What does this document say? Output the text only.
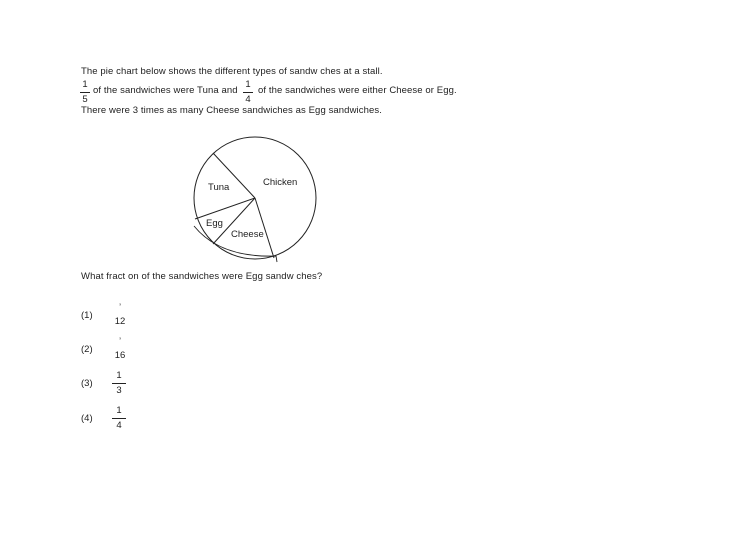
The pie chart below shows the different types of sandw ches at a stall.
1
5
of the sandwiches were Tuna and
1
4
of the sandwiches were either Cheese or Egg.
There were 3 times as many Cheese sandwiches as Egg sandwiches.
Tuna	Chicken
Egg
Cheese
What fract on of the sandwiches were Egg sandw ches?
(1)
’
12
(2)
’
16
(3)
1
3
(4)
1
4
